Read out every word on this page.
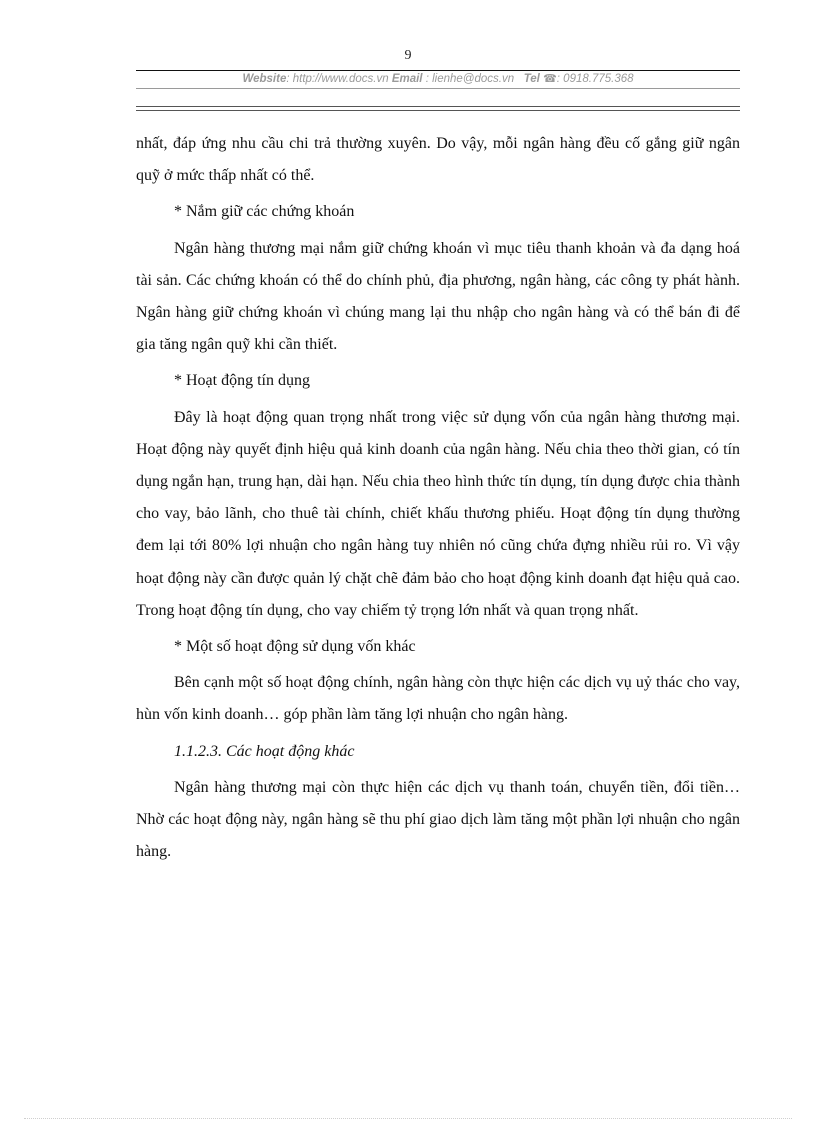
9
Website: http://www.docs.vn Email : lienhe@docs.vn Tel ☎: 0918.775.368

nhất, đáp ứng nhu cầu chi trả thường xuyên. Do vậy, mỗi ngân hàng đều cố gắng giữ ngân quỹ ở mức thấp nhất có thể.

* Nắm giữ các chứng khoán

Ngân hàng thương mại nắm giữ chứng khoán vì mục tiêu thanh khoản và đa dạng hoá tài sản. Các chứng khoán có thể do chính phủ, địa phương, ngân hàng, các công ty phát hành. Ngân hàng giữ chứng khoán vì chúng mang lại thu nhập cho ngân hàng và có thể bán đi để gia tăng ngân quỹ khi cần thiết.

* Hoạt động tín dụng

Đây là hoạt động quan trọng nhất trong việc sử dụng vốn của ngân hàng thương mại. Hoạt động này quyết định hiệu quả kinh doanh của ngân hàng. Nếu chia theo thời gian, có tín dụng ngắn hạn, trung hạn, dài hạn. Nếu chia theo hình thức tín dụng, tín dụng được chia thành cho vay, bảo lãnh, cho thuê tài chính, chiết khấu thương phiếu. Hoạt động tín dụng thường đem lại tới 80% lợi nhuận cho ngân hàng tuy nhiên nó cũng chứa đựng nhiều rủi ro. Vì vậy hoạt động này cần được quản lý chặt chẽ đảm bảo cho hoạt động kinh doanh đạt hiệu quả cao. Trong hoạt động tín dụng, cho vay chiếm tỷ trọng lớn nhất và quan trọng nhất.

* Một số hoạt động sử dụng vốn khác

Bên cạnh một số hoạt động chính, ngân hàng còn thực hiện các dịch vụ uỷ thác cho vay, hùn vốn kinh doanh… góp phần làm tăng lợi nhuận cho ngân hàng.

1.1.2.3. Các hoạt động khác

Ngân hàng thương mại còn thực hiện các dịch vụ thanh toán, chuyển tiền, đổi tiền… Nhờ các hoạt động này, ngân hàng sẽ thu phí giao dịch làm tăng một phần lợi nhuận cho ngân hàng.
